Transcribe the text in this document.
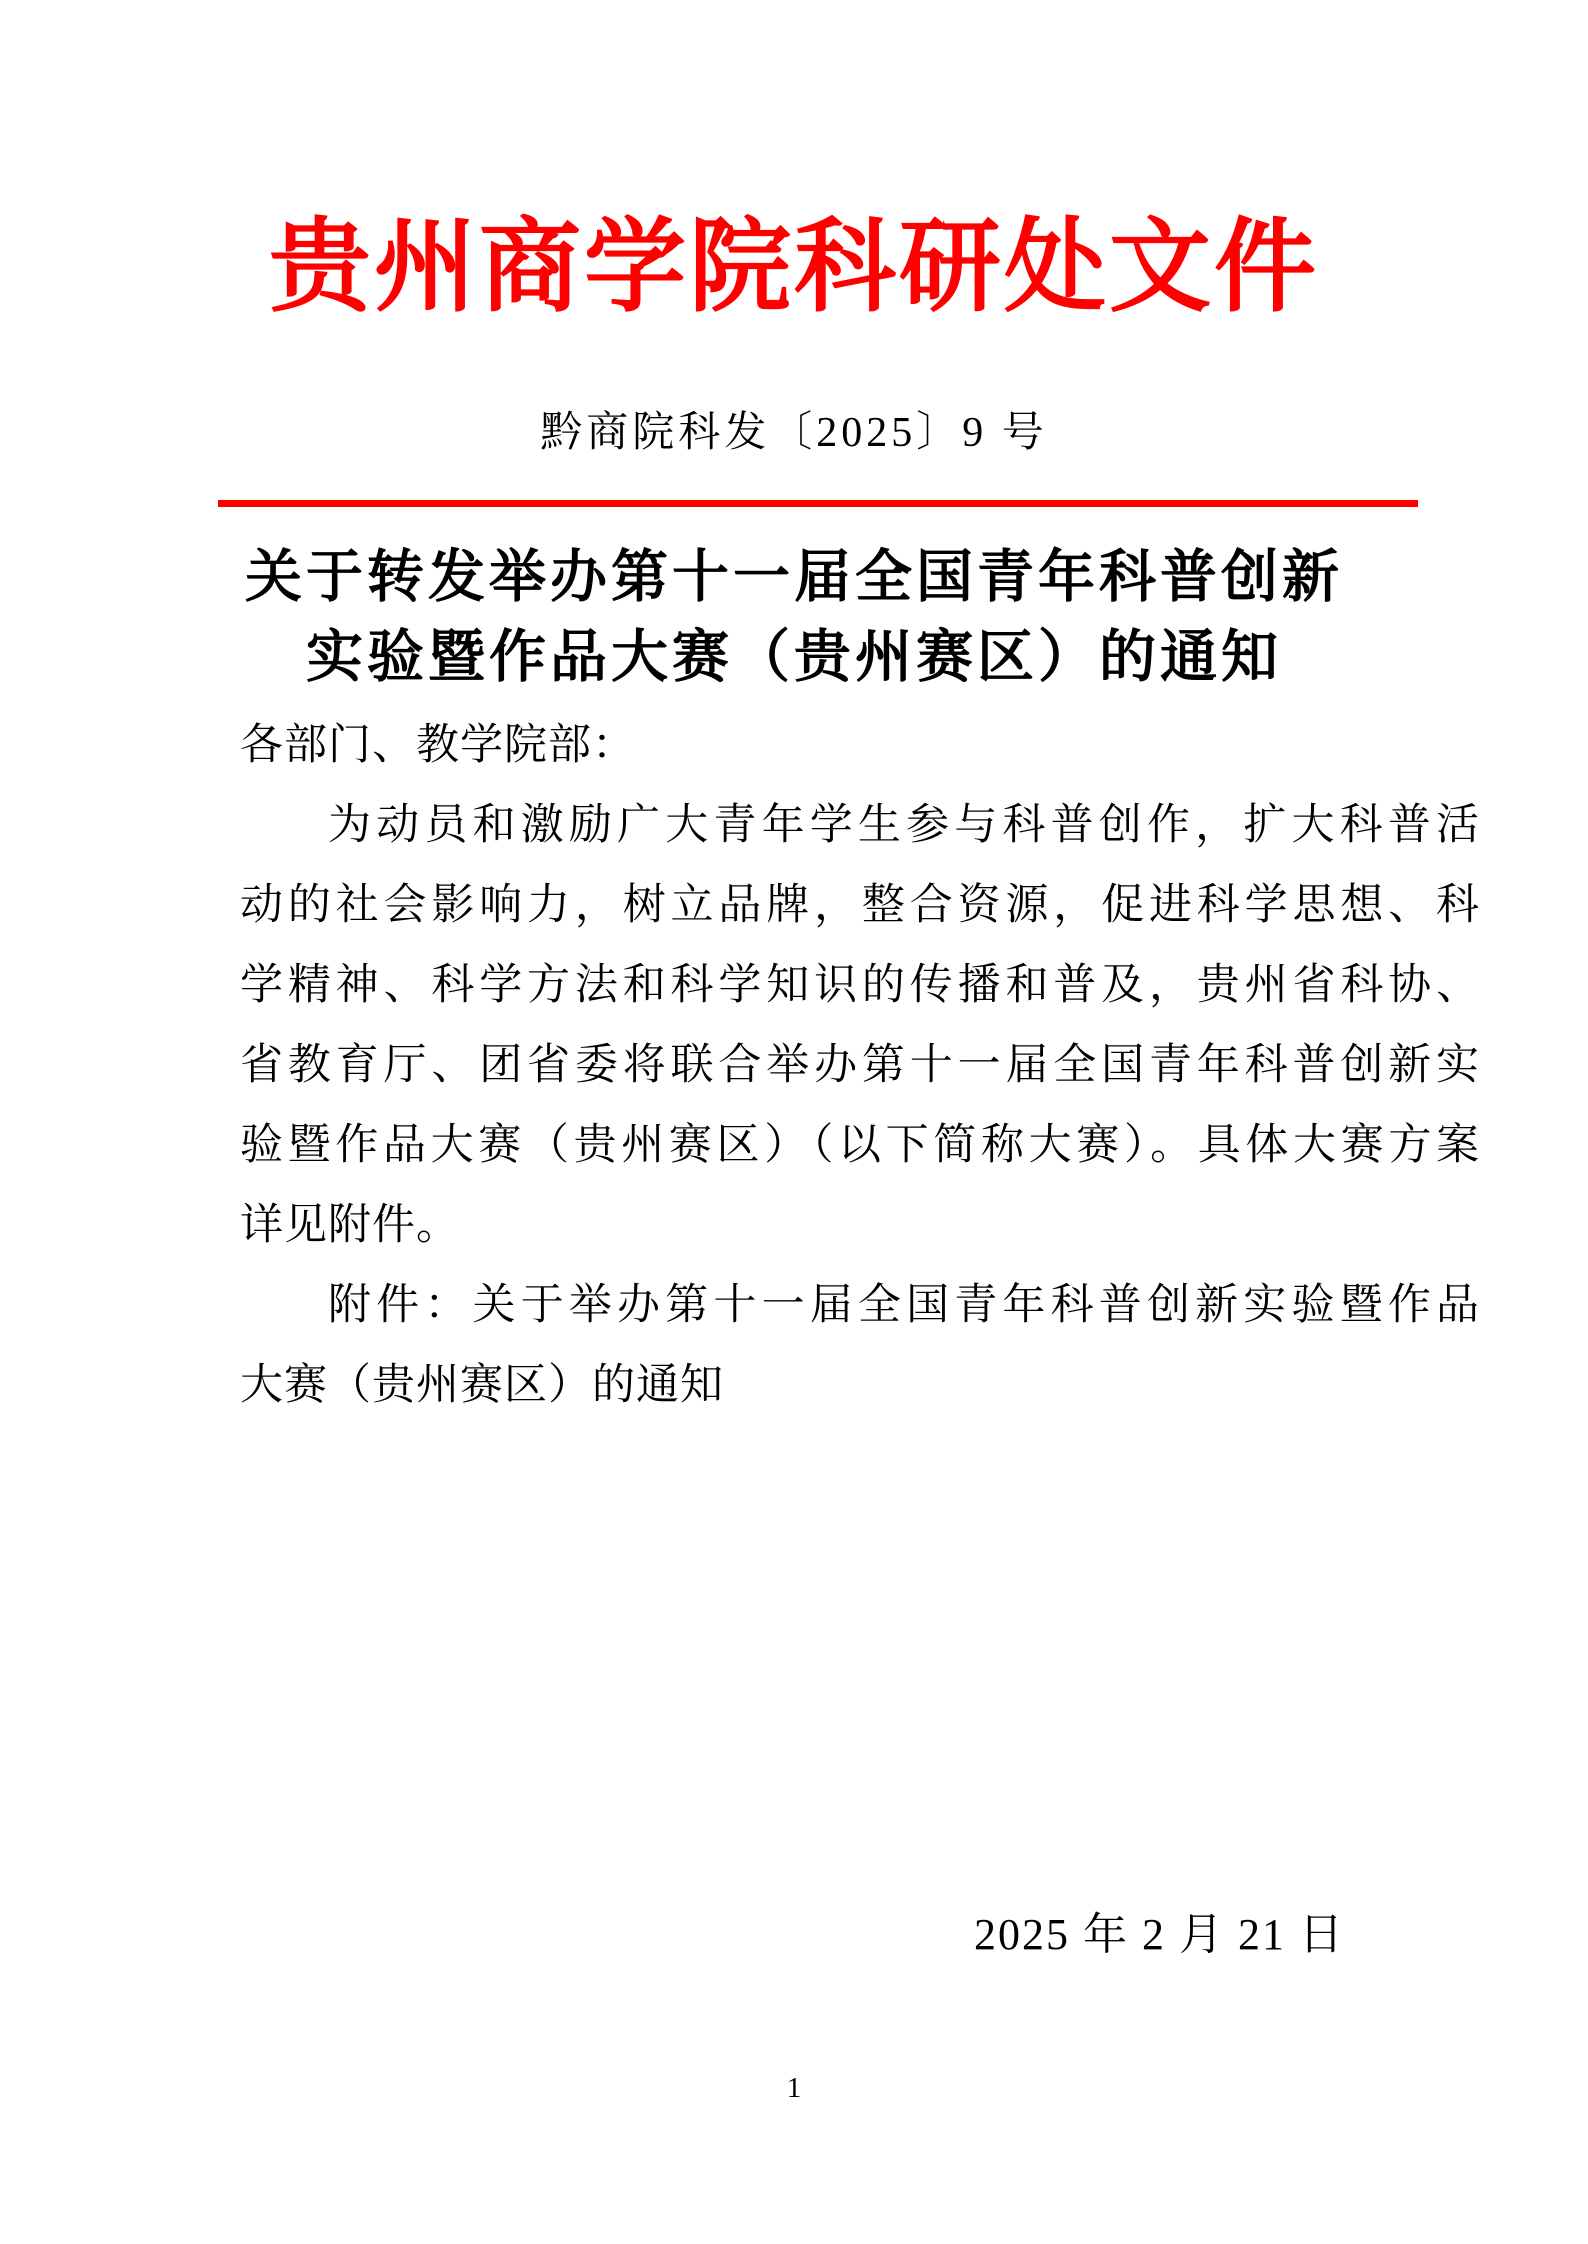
贵州商学院科研处文件
黔商院科发〔2025〕9 号
关于转发举办第十一届全国青年科普创新
实验暨作品大赛（贵州赛区）的通知
各部门、教学院部：
为动员和激励广大青年学生参与科普创作，扩大科普活
动的社会影响力，树立品牌，整合资源，促进科学思想、科
学精神、科学方法和科学知识的传播和普及，贵州省科协、
省教育厅、团省委将联合举办第十一届全国青年科普创新实
验暨作品大赛（贵州赛区）（以下简称大赛）。具体大赛方案
详见附件。
附件：关于举办第十一届全国青年科普创新实验暨作品
大赛（贵州赛区）的通知
2025 年 2 月 21 日
1
